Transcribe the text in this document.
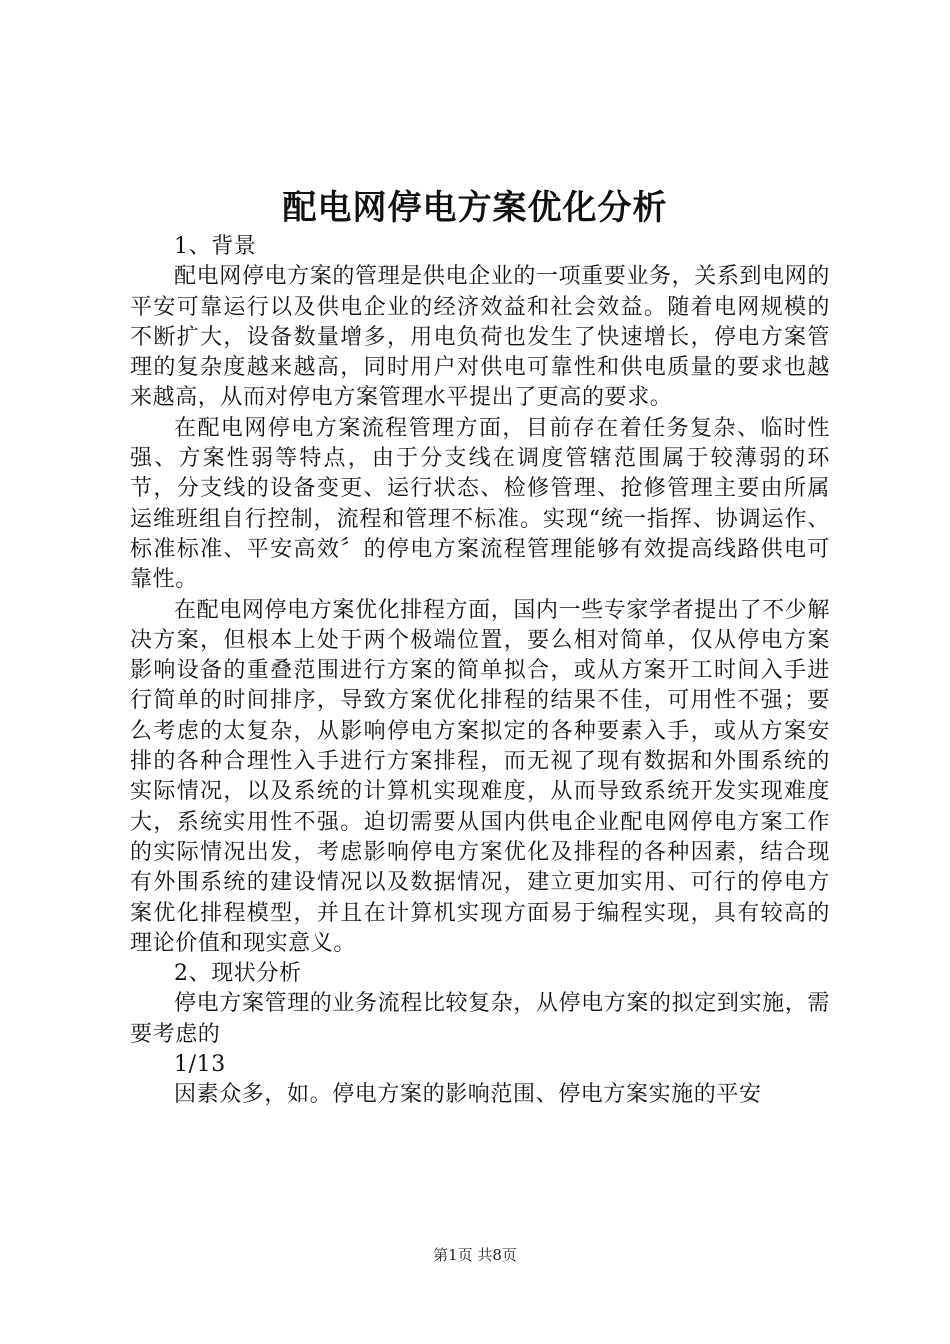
配电网停电方案优化分析

1、背景

配电网停电方案的管理是供电企业的一项重要业务，关系到电网的平安可靠运行以及供电企业的经济效益和社会效益。随着电网规模的不断扩大，设备数量增多，用电负荷也发生了快速增长，停电方案管理的复杂度越来越高，同时用户对供电可靠性和供电质量的要求也越来越高，从而对停电方案管理水平提出了更高的要求。

在配电网停电方案流程管理方面，目前存在着任务复杂、临时性强、方案性弱等特点，由于分支线在调度管辖范围属于较薄弱的环节，分支线的设备变更、运行状态、检修管理、抢修管理主要由所属运维班组自行控制，流程和管理不标准。实现“统一指挥、协调运作、标准标准、平安高效〞的停电方案流程管理能够有效提高线路供电可靠性。

在配电网停电方案优化排程方面，国内一些专家学者提出了不少解决方案，但根本上处于两个极端位置，要么相对简单，仅从停电方案影响设备的重叠范围进行方案的简单拟合，或从方案开工时间入手进行简单的时间排序，导致方案优化排程的结果不佳，可用性不强；要么考虑的太复杂，从影响停电方案拟定的各种要素入手，或从方案安排的各种合理性入手进行方案排程，而无视了现有数据和外围系统的实际情况，以及系统的计算机实现难度，从而导致系统开发实现难度大，系统实用性不强。迫切需要从国内供电企业配电网停电方案工作的实际情况出发，考虑影响停电方案优化及排程的各种因素，结合现有外围系统的建设情况以及数据情况，建立更加实用、可行的停电方案优化排程模型，并且在计算机实现方面易于编程实现，具有较高的理论价值和现实意义。

2、现状分析

停电方案管理的业务流程比较复杂，从停电方案的拟定到实施，需要考虑的

1/13

因素众多，如。停电方案的影响范围、停电方案实施的平安

第1页 共8页
